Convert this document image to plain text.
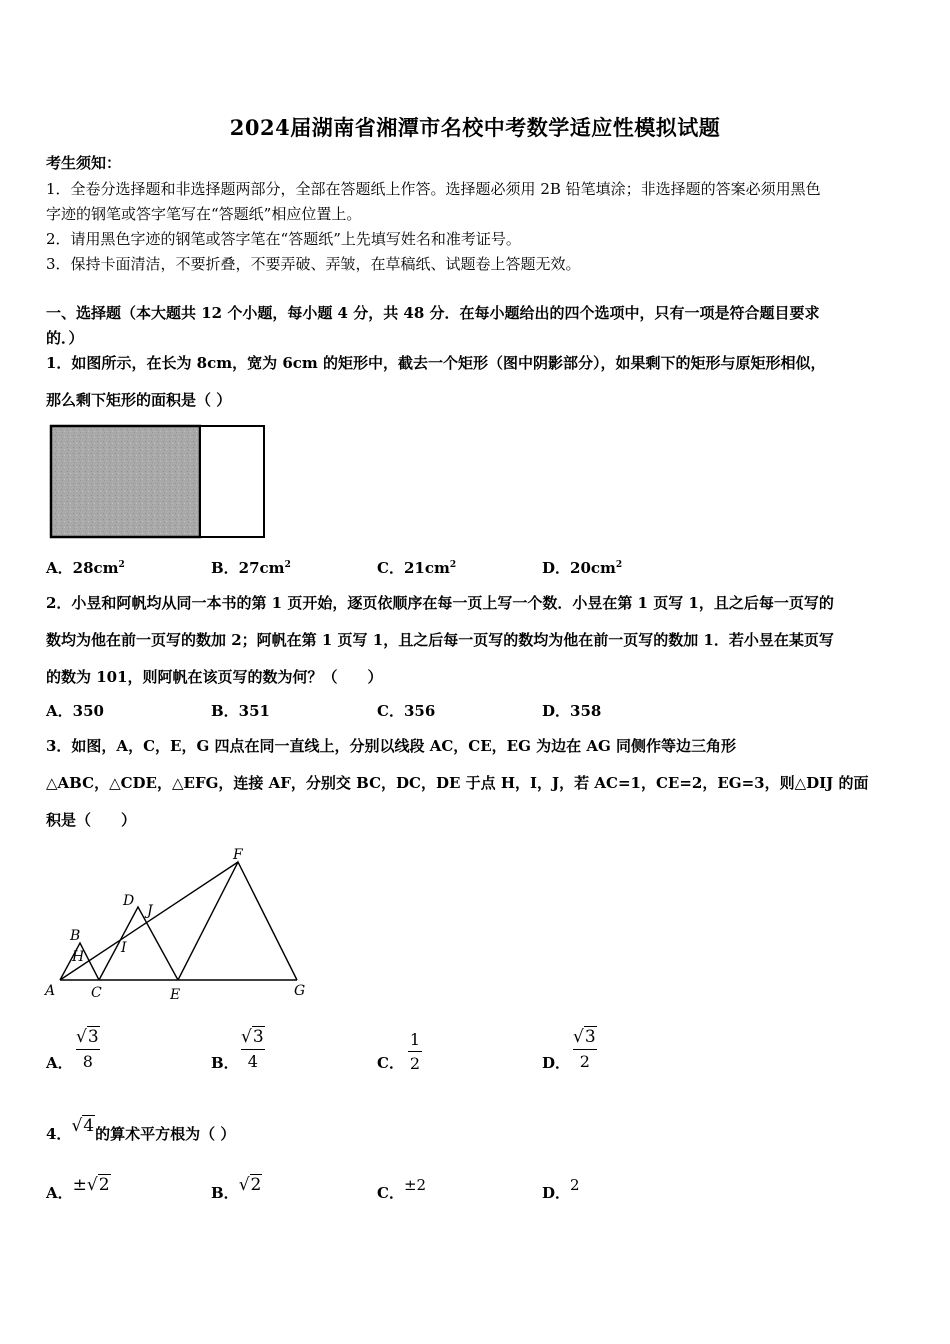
2024届湖南省湘潭市名校中考数学适应性模拟试题
考生须知：
1．全卷分选择题和非选择题两部分，全部在答题纸上作答。选择题必须用 2B 铅笔填涂；非选择题的答案必须用黑色
字迹的钢笔或答字笔写在“答题纸”相应位置上。
2．请用黑色字迹的钢笔或答字笔在“答题纸”上先填写姓名和准考证号。
3．保持卡面清洁，不要折叠，不要弄破、弄皱，在草稿纸、试题卷上答题无效。
一、选择题（本大题共 12 个小题，每小题 4 分，共 48 分．在每小题给出的四个选项中，只有一项是符合题目要求
的．）
1．如图所示，在长为 8cm，宽为 6cm 的矩形中，截去一个矩形（图中阴影部分），如果剩下的矩形与原矩形相似，
那么剩下矩形的面积是（ ）
A．$28cm^2$	B．$27cm^2$	C．$21cm^2$	D．$20cm^2$
2．小昱和阿帆均从同一本书的第 1 页开始，逐页依顺序在每一页上写一个数．小昱在第 1 页写 1，且之后每一页写的
数均为他在前一页写的数加 2；阿帆在第 1 页写 1，且之后每一页写的数均为他在前一页写的数加 1．若小昱在某页写
的数为 101，则阿帆在该页写的数为何？（　　）
A．350	B．351	C．356	D．358
3．如图，A，C，E，G 四点在同一直线上，分别以线段 AC，CE，EG 为边在 AG 同侧作等边三角形
△ABC，△CDE，△EFG，连接 AF，分别交 BC，DC，DE 于点 H，I，J，若 AC=1，CE=2，EG=3，则△DIJ 的面
积是（　　）
A
B
H
C
I
D
J
E
F
G
A．
√3
8	B．
√3
4	C．
1
2	D．
√3
2
4．√4的算术平方根为（ ）
A．±√2	B．√2	C．±2	D．2
